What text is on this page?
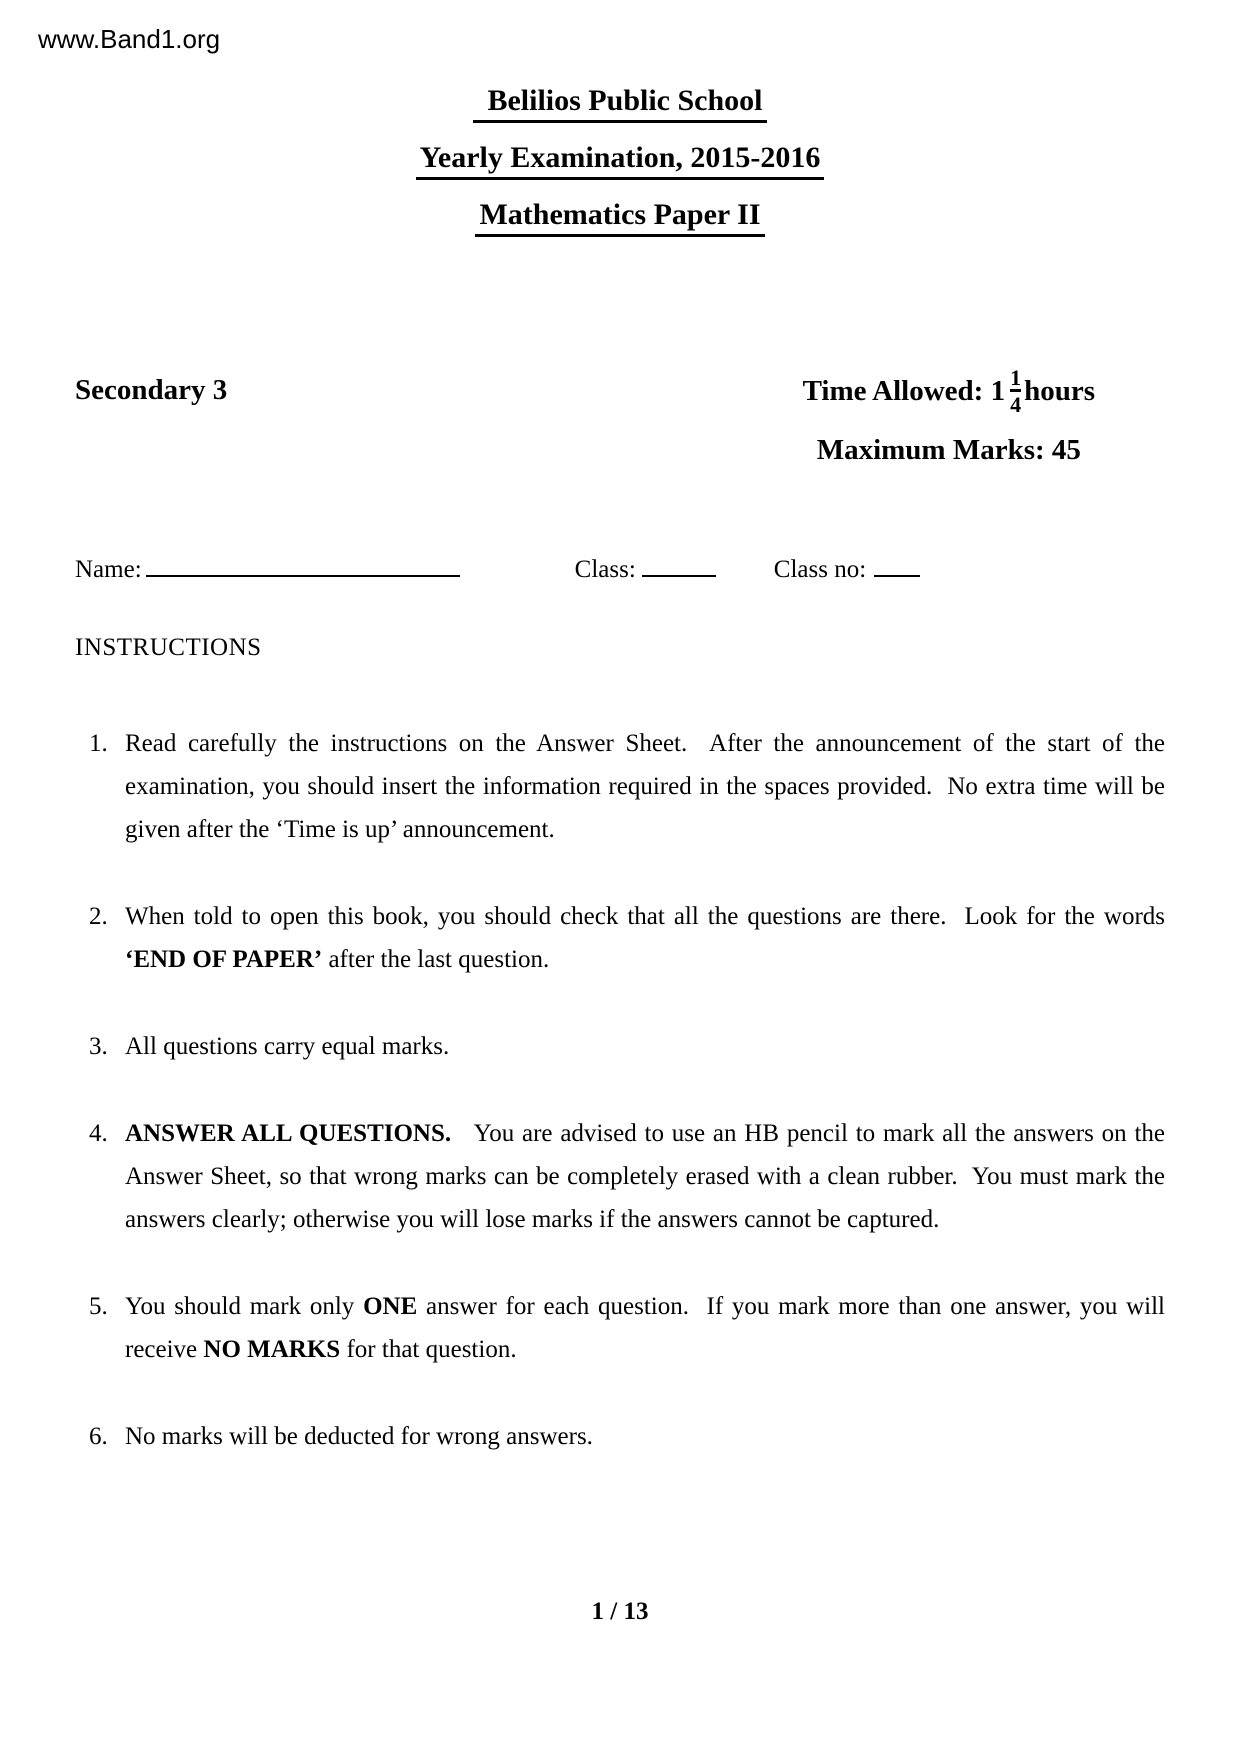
www.Band1.org
Belilios Public School
Yearly Examination, 2015-2016
Mathematics Paper II
Secondary 3	Time Allowed: $1 \frac{1}{4}$ hours
Maximum Marks: 45
Name:	Class:	Class no:
INSTRUCTIONS
1. Read carefully the instructions on the Answer Sheet.  After the announcement of the start of the examination, you should insert the information required in the spaces provided.  No extra time will be given after the ‘Time is up’ announcement.
2. When told to open this book, you should check that all the questions are there.  Look for the words ‘END OF PAPER’ after the last question.
3. All questions carry equal marks.
4. ANSWER ALL QUESTIONS.   You are advised to use an HB pencil to mark all the answers on the Answer Sheet, so that wrong marks can be completely erased with a clean rubber.  You must mark the answers clearly; otherwise you will lose marks if the answers cannot be captured.
5. You should mark only ONE answer for each question.  If you mark more than one answer, you will receive NO MARKS for that question.
6. No marks will be deducted for wrong answers.
1 / 13
